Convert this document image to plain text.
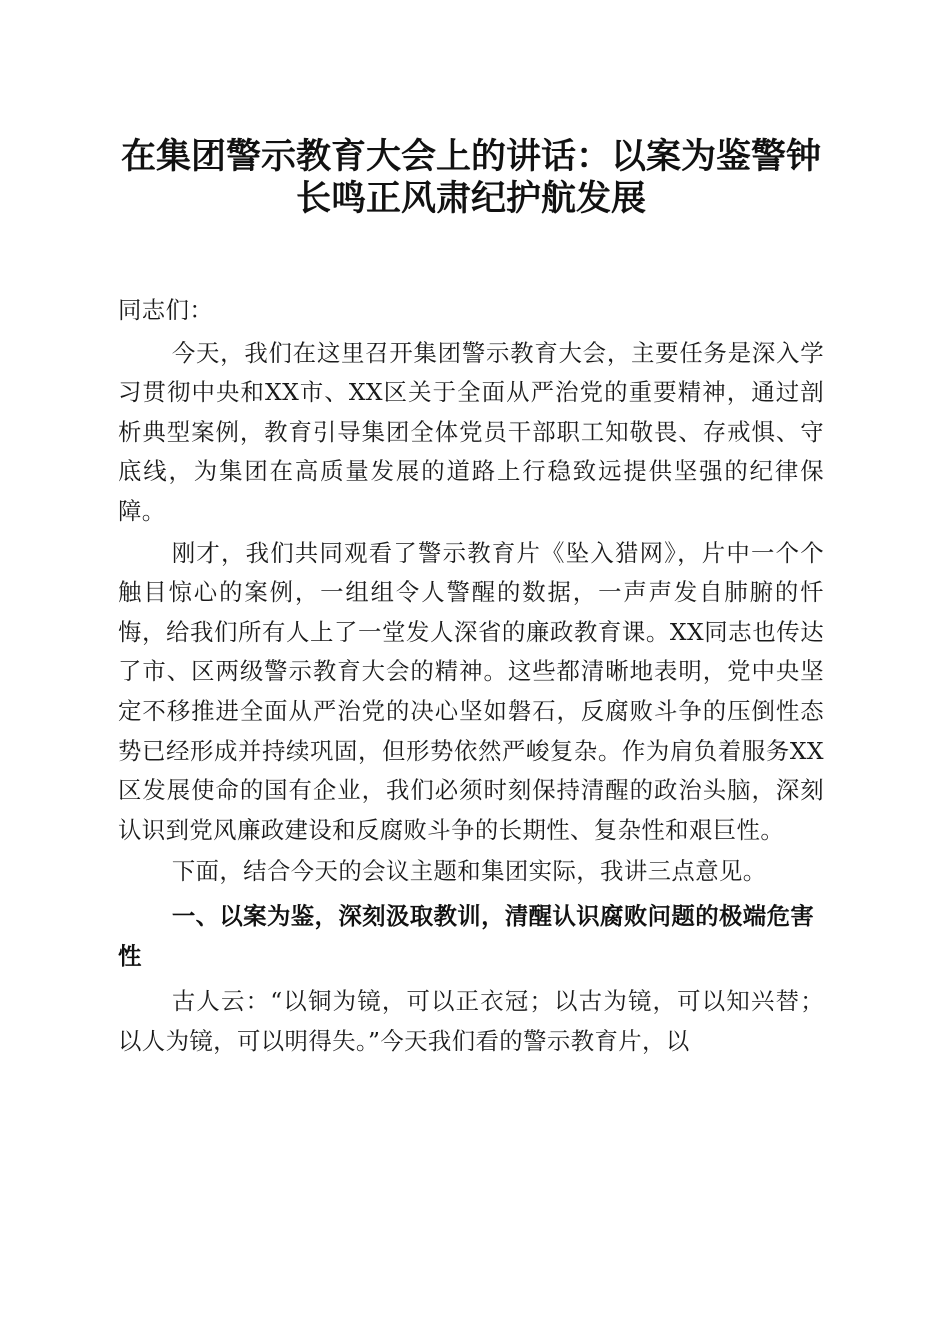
在集团警示教育大会上的讲话：以案为鉴警钟
长鸣正风肃纪护航发展

同志们：

今天，我们在这里召开集团警示教育大会，主要任务是深入学习贯彻中央和XX市、XX区关于全面从严治党的重要精神，通过剖析典型案例，教育引导集团全体党员干部职工知敬畏、存戒惧、守底线，为集团在高质量发展的道路上行稳致远提供坚强的纪律保障。

刚才，我们共同观看了警示教育片《坠入猎网》，片中一个个触目惊心的案例，一组组令人警醒的数据，一声声发自肺腑的忏悔，给我们所有人上了一堂发人深省的廉政教育课。XX同志也传达了市、区两级警示教育大会的精神。这些都清晰地表明，党中央坚定不移推进全面从严治党的决心坚如磐石，反腐败斗争的压倒性态势已经形成并持续巩固，但形势依然严峻复杂。作为肩负着服务XX区发展使命的国有企业，我们必须时刻保持清醒的政治头脑，深刻认识到党风廉政建设和反腐败斗争的长期性、复杂性和艰巨性。

下面，结合今天的会议主题和集团实际，我讲三点意见。

一、以案为鉴，深刻汲取教训，清醒认识腐败问题的极端危害性

古人云：“以铜为镜，可以正衣冠；以古为镜，可以知兴替；以人为镜，可以明得失。”今天我们看的警示教育片，以
